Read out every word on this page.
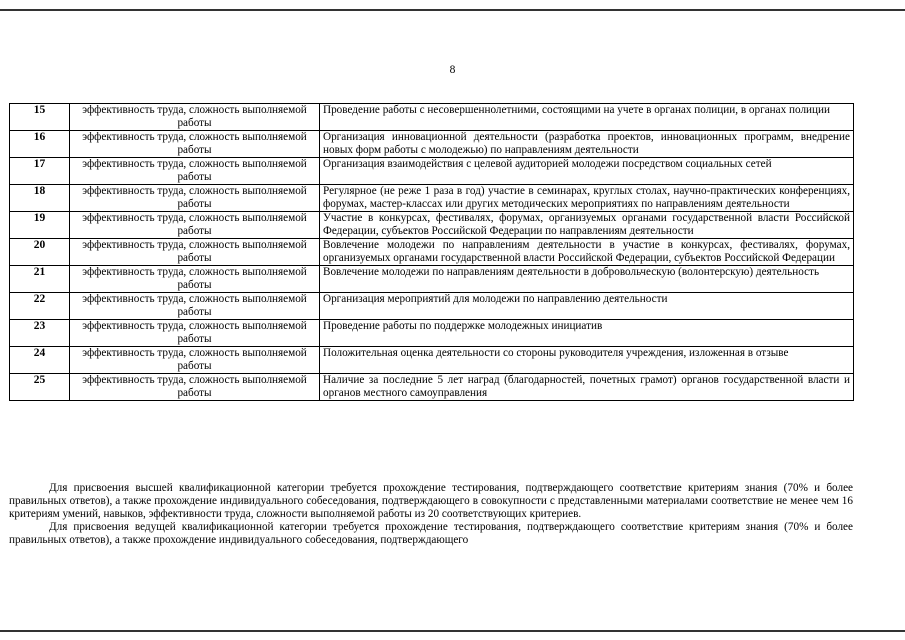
8
15	эффективность труда, сложность выполняемой работы	Проведение работы с несовершеннолетними, состоящими на учете в органах полиции, в органах полиции
16	эффективность труда, сложность выполняемой работы	Организация инновационной деятельности (разработка проектов, инновационных программ, внедрение новых форм работы с молодежью) по направлениям деятельности
17	эффективность труда, сложность выполняемой работы	Организация взаимодействия с целевой аудиторией молодежи посредством социальных сетей
18	эффективность труда, сложность выполняемой работы	Регулярное (не реже 1 раза в год) участие в семинарах, круглых столах, научно-практических конференциях, форумах, мастер-классах или других методических мероприятиях по направлениям деятельности
19	эффективность труда, сложность выполняемой работы	Участие в конкурсах, фестивалях, форумах, организуемых органами государственной власти Российской Федерации, субъектов Российской Федерации по направлениям деятельности
20	эффективность труда, сложность выполняемой работы	Вовлечение молодежи по направлениям деятельности в участие в конкурсах, фестивалях, форумах, организуемых органами государственной власти Российской Федерации, субъектов Российской Федерации
21	эффективность труда, сложность выполняемой работы	Вовлечение молодежи по направлениям деятельности в добровольческую (волонтерскую) деятельность
22	эффективность труда, сложность выполняемой работы	Организация мероприятий для молодежи по направлению деятельности
23	эффективность труда, сложность выполняемой работы	Проведение работы по поддержке молодежных инициатив
24	эффективность труда, сложность выполняемой работы	Положительная оценка деятельности со стороны руководителя учреждения, изложенная в отзыве
25	эффективность труда, сложность выполняемой работы	Наличие за последние 5 лет наград (благодарностей, почетных грамот) органов государственной власти и органов местного самоуправления

Для присвоения высшей квалификационной категории требуется прохождение тестирования, подтверждающего соответствие критериям знания (70% и более правильных ответов), а также прохождение индивидуального собеседования, подтверждающего в совокупности с представленными материалами соответствие не менее чем 16 критериям умений, навыков, эффективности труда, сложности выполняемой работы из 20 соответствующих критериев.

Для присвоения ведущей квалификационной категории требуется прохождение тестирования, подтверждающего соответствие критериям знания (70% и более правильных ответов), а также прохождение индивидуального собеседования, подтверждающего
